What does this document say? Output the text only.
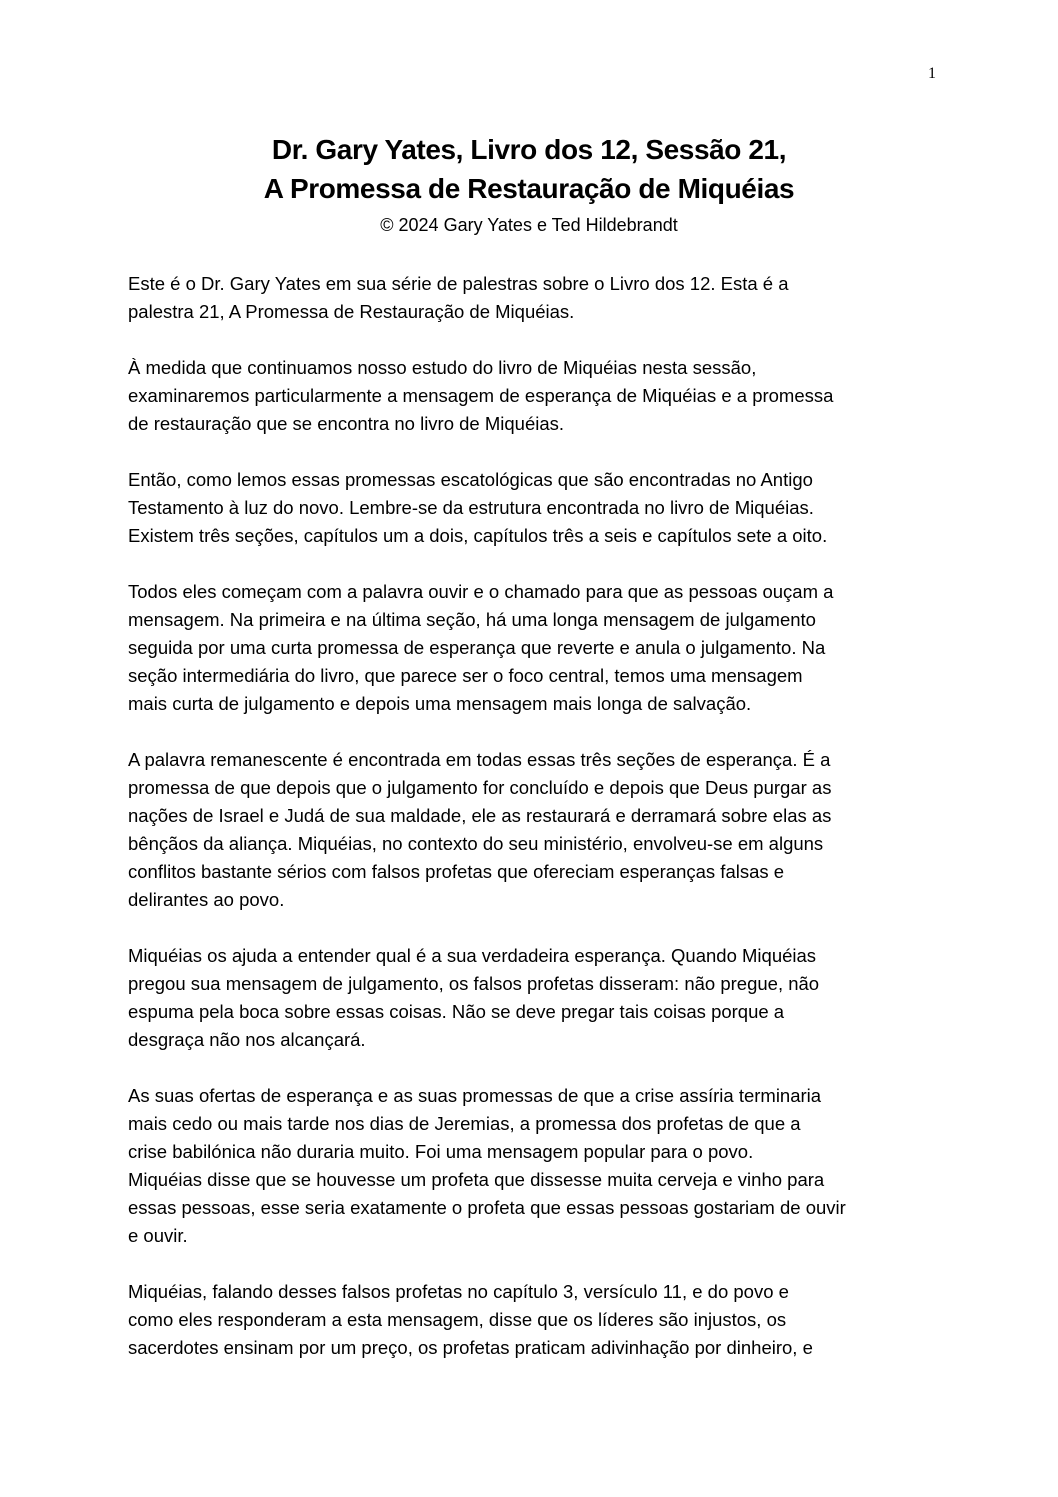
1
Dr. Gary Yates, Livro dos 12, Sessão 21,
A Promessa de Restauração de Miquéias
© 2024 Gary Yates e Ted Hildebrandt

Este é o Dr. Gary Yates em sua série de palestras sobre o Livro dos 12. Esta é a
palestra 21, A Promessa de Restauração de Miquéias.

À medida que continuamos nosso estudo do livro de Miquéias nesta sessão,
examinaremos particularmente a mensagem de esperança de Miquéias e a promessa
de restauração que se encontra no livro de Miquéias.

Então, como lemos essas promessas escatológicas que são encontradas no Antigo
Testamento à luz do novo. Lembre-se da estrutura encontrada no livro de Miquéias.
Existem três seções, capítulos um a dois, capítulos três a seis e capítulos sete a oito.

Todos eles começam com a palavra ouvir e o chamado para que as pessoas ouçam a
mensagem. Na primeira e na última seção, há uma longa mensagem de julgamento
seguida por uma curta promessa de esperança que reverte e anula o julgamento. Na
seção intermediária do livro, que parece ser o foco central, temos uma mensagem
mais curta de julgamento e depois uma mensagem mais longa de salvação.

A palavra remanescente é encontrada em todas essas três seções de esperança. É a
promessa de que depois que o julgamento for concluído e depois que Deus purgar as
nações de Israel e Judá de sua maldade, ele as restaurará e derramará sobre elas as
bênçãos da aliança. Miquéias, no contexto do seu ministério, envolveu-se em alguns
conflitos bastante sérios com falsos profetas que ofereciam esperanças falsas e
delirantes ao povo.

Miquéias os ajuda a entender qual é a sua verdadeira esperança. Quando Miquéias
pregou sua mensagem de julgamento, os falsos profetas disseram: não pregue, não
espuma pela boca sobre essas coisas. Não se deve pregar tais coisas porque a
desgraça não nos alcançará.

As suas ofertas de esperança e as suas promessas de que a crise assíria terminaria
mais cedo ou mais tarde nos dias de Jeremias, a promessa dos profetas de que a
crise babilónica não duraria muito. Foi uma mensagem popular para o povo.
Miquéias disse que se houvesse um profeta que dissesse muita cerveja e vinho para
essas pessoas, esse seria exatamente o profeta que essas pessoas gostariam de ouvir
e ouvir.

Miquéias, falando desses falsos profetas no capítulo 3, versículo 11, e do povo e
como eles responderam a esta mensagem, disse que os líderes são injustos, os
sacerdotes ensinam por um preço, os profetas praticam adivinhação por dinheiro, e
